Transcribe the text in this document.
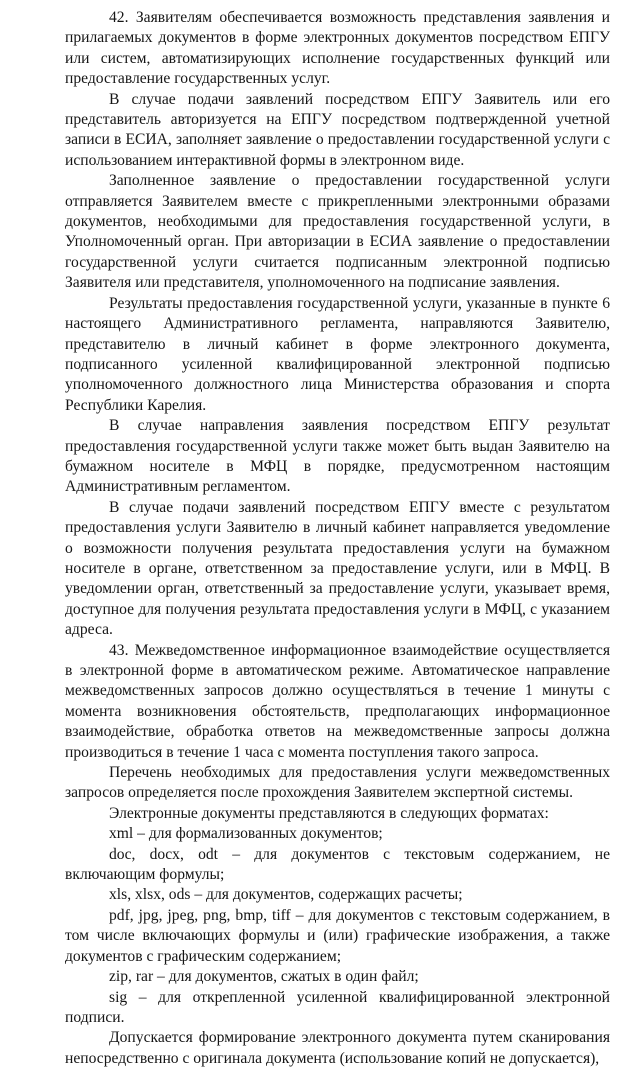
42. Заявителям обеспечивается возможность представления заявления и прилагаемых документов в форме электронных документов посредством ЕПГУ или систем, автоматизирующих исполнение государственных функций или предоставление государственных услуг.

В случае подачи заявлений посредством ЕПГУ Заявитель или его представитель авторизуется на ЕПГУ посредством подтвержденной учетной записи в ЕСИА, заполняет заявление о предоставлении государственной услуги с использованием интерактивной формы в электронном виде.

Заполненное заявление о предоставлении государственной услуги отправляется Заявителем вместе с прикрепленными электронными образами документов, необходимыми для предоставления государственной услуги, в Уполномоченный орган. При авторизации в ЕСИА заявление о предоставлении государственной услуги считается подписанным электронной подписью Заявителя или представителя, уполномоченного на подписание заявления.

Результаты предоставления государственной услуги, указанные в пункте 6 настоящего Административного регламента, направляются Заявителю, представителю в личный кабинет в форме электронного документа, подписанного усиленной квалифицированной электронной подписью уполномоченного должностного лица Министерства образования и спорта Республики Карелия.

В случае направления заявления посредством ЕПГУ результат предоставления государственной услуги также может быть выдан Заявителю на бумажном носителе в МФЦ в порядке, предусмотренном настоящим Административным регламентом.

В случае подачи заявлений посредством ЕПГУ вместе с результатом предоставления услуги Заявителю в личный кабинет направляется уведомление о возможности получения результата предоставления услуги на бумажном носителе в органе, ответственном за предоставление услуги, или в МФЦ. В уведомлении орган, ответственный за предоставление услуги, указывает время, доступное для получения результата предоставления услуги в МФЦ, с указанием адреса.

43. Межведомственное информационное взаимодействие осуществляется в электронной форме в автоматическом режиме. Автоматическое направление межведомственных запросов должно осуществляться в течение 1 минуты с момента возникновения обстоятельств, предполагающих информационное взаимодействие, обработка ответов на межведомственные запросы должна производиться в течение 1 часа с момента поступления такого запроса.

Перечень необходимых для предоставления услуги межведомственных запросов определяется после прохождения Заявителем экспертной системы.

Электронные документы представляются в следующих форматах:

xml – для формализованных документов;

doc, docx, odt – для документов с текстовым содержанием, не включающим формулы;

xls, xlsx, ods – для документов, содержащих расчеты;

pdf, jpg, jpeg, png, bmp, tiff – для документов с текстовым содержанием, в том числе включающих формулы и (или) графические изображения, а также документов с графическим содержанием;

zip, rar – для документов, сжатых в один файл;

sig – для открепленной усиленной квалифицированной электронной подписи.

Допускается формирование электронного документа путем сканирования непосредственно с оригинала документа (использование копий не допускается),
